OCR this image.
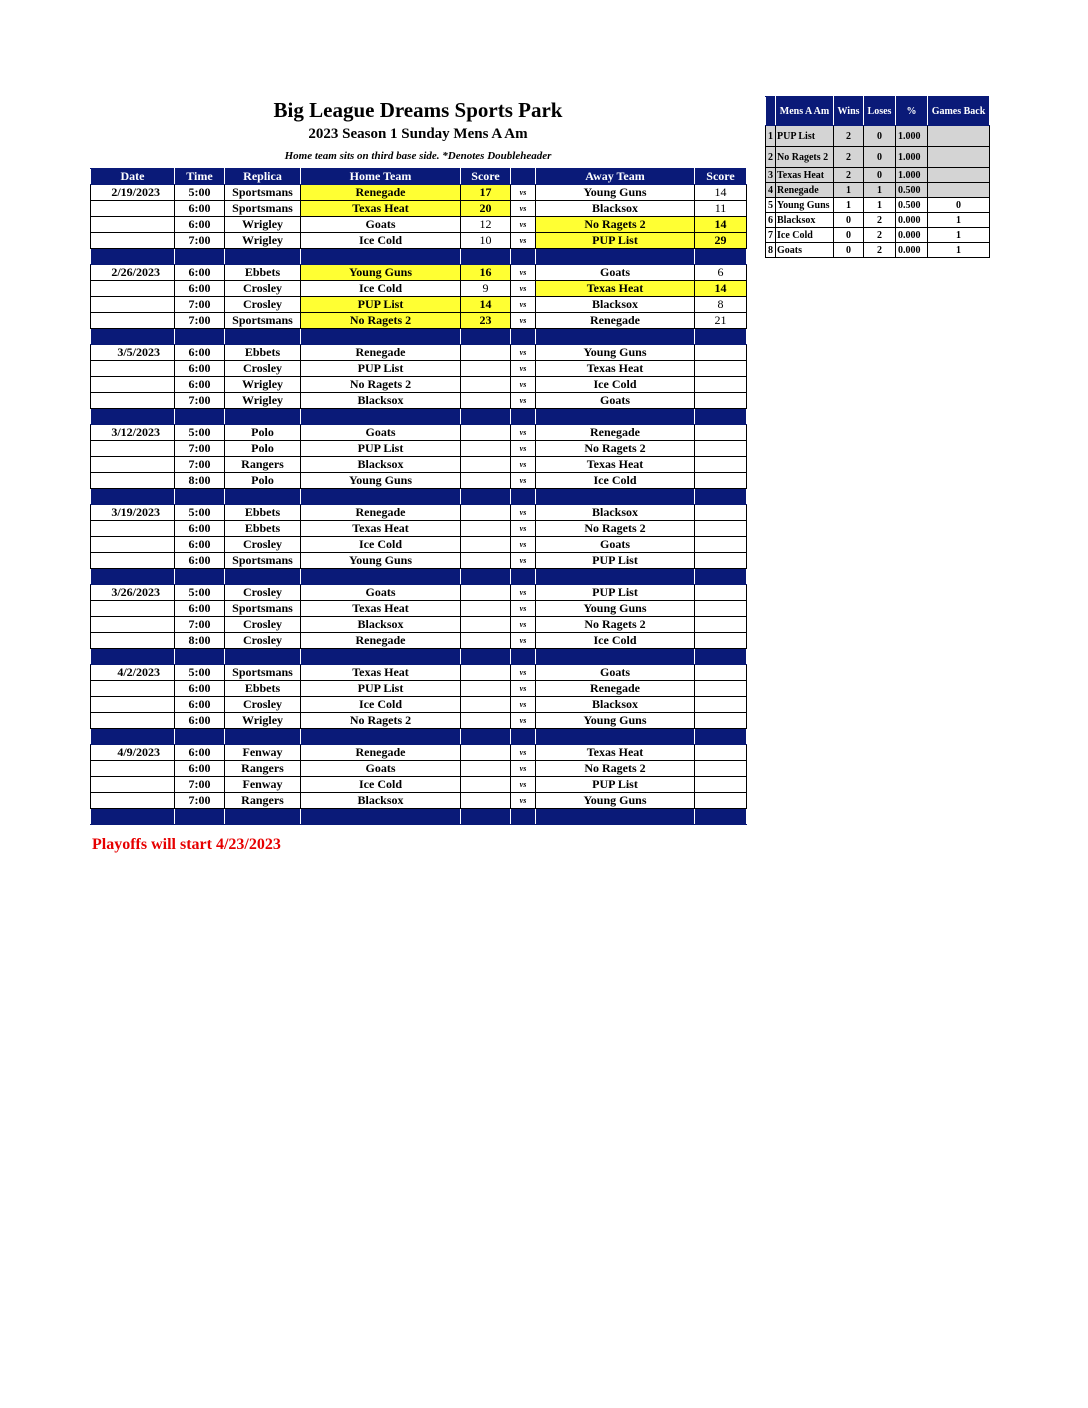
Big League Dreams Sports Park
2023 Season 1 Sunday Mens A Am
Home team sits on third base side. *Denotes Doubleheader
Date	Time	Replica	Home Team	Score		Away Team	Score
2/19/2023	5:00	Sportsmans	Renegade	17	vs	Young Guns	14
	6:00	Sportsmans	Texas Heat	20	vs	Blacksox	11
	6:00	Wrigley	Goats	12	vs	No Ragets 2	14
	7:00	Wrigley	Ice Cold	10	vs	PUP List	29

2/26/2023	6:00	Ebbets	Young Guns	16	vs	Goats	6
	6:00	Crosley	Ice Cold	9	vs	Texas Heat	14
	7:00	Crosley	PUP List	14	vs	Blacksox	8
	7:00	Sportsmans	No Ragets 2	23	vs	Renegade	21

3/5/2023	6:00	Ebbets	Renegade		vs	Young Guns	
	6:00	Crosley	PUP List		vs	Texas Heat	
	6:00	Wrigley	No Ragets 2		vs	Ice Cold	
	7:00	Wrigley	Blacksox		vs	Goats	

3/12/2023	5:00	Polo	Goats		vs	Renegade	
	7:00	Polo	PUP List		vs	No Ragets 2	
	7:00	Rangers	Blacksox		vs	Texas Heat	
	8:00	Polo	Young Guns		vs	Ice Cold	

3/19/2023	5:00	Ebbets	Renegade		vs	Blacksox	
	6:00	Ebbets	Texas Heat		vs	No Ragets 2	
	6:00	Crosley	Ice Cold		vs	Goats	
	6:00	Sportsmans	Young Guns		vs	PUP List	

3/26/2023	5:00	Crosley	Goats		vs	PUP List	
	6:00	Sportsmans	Texas Heat		vs	Young Guns	
	7:00	Crosley	Blacksox		vs	No Ragets 2	
	8:00	Crosley	Renegade		vs	Ice Cold	

4/2/2023	5:00	Sportsmans	Texas Heat		vs	Goats	
	6:00	Ebbets	PUP List		vs	Renegade	
	6:00	Crosley	Ice Cold		vs	Blacksox	
	6:00	Wrigley	No Ragets 2		vs	Young Guns	

4/9/2023	6:00	Fenway	Renegade		vs	Texas Heat	
	6:00	Rangers	Goats		vs	No Ragets 2	
	7:00	Fenway	Ice Cold		vs	PUP List	
	7:00	Rangers	Blacksox		vs	Young Guns	

	Mens A Am	Wins	Loses	%	Games Back
1	PUP List	2	0	1.000	
2	No Ragets 2	2	0	1.000	
3	Texas Heat	2	0	1.000	
4	Renegade	1	1	0.500	
5	Young Guns	1	1	0.500	0
6	Blacksox	0	2	0.000	1
7	Ice Cold	0	2	0.000	1
8	Goats	0	2	0.000	1
Playoffs will start 4/23/2023
